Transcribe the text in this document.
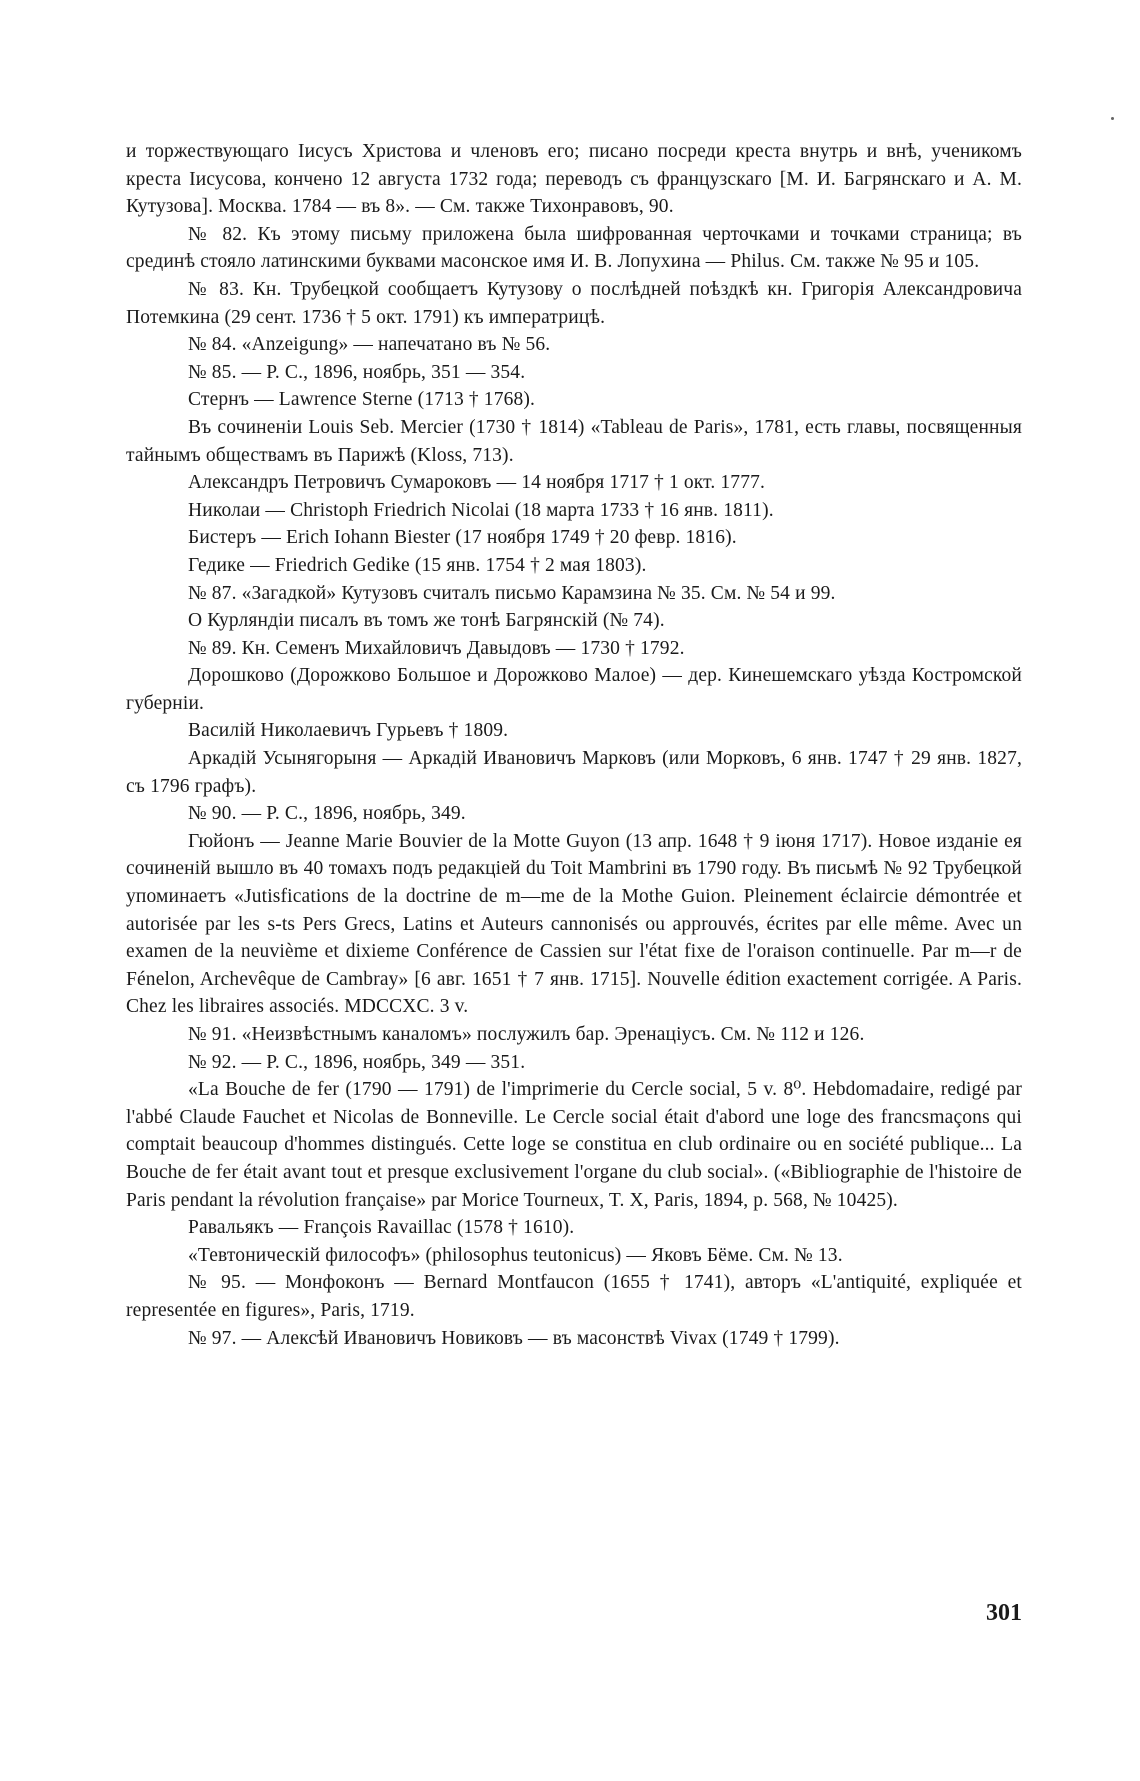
и торжествующаго Iисусъ Христова и членовъ его; писано посреди креста внутрь и внѣ, ученикомъ креста Iисусова, кончено 12 августа 1732 года; переводъ съ французскаго [М. И. Багрянскаго и А. М. Кутузова]. Москва. 1784 — въ 8». — См. также Тихонравовъ, 90.

№ 82. Къ этому письму приложена была шифрованная черточками и точками страница; въ срединѣ стояло латинскими буквами масонское имя И. В. Лопухина — Philus. См. также № 95 и 105.

№ 83. Кн. Трубецкой сообщаетъ Кутузову о послѣдней поѣздкѣ кн. Григорія Александровича Потемкина (29 сент. 1736 † 5 окт. 1791) къ императрицѣ.

№ 84. «Anzeigung» — напечатано въ № 56.

№ 85. — Р. С., 1896, ноябрь, 351 — 354.

Стернъ — Lawrence Sterne (1713 † 1768).

Въ сочиненіи Louis Seb. Mercier (1730 † 1814) «Tableau de Paris», 1781, есть главы, посвященныя тайнымъ обществамъ въ Парижѣ (Kloss, 713).

Александръ Петровичъ Сумароковъ — 14 ноября 1717 † 1 окт. 1777.

Николаи — Christoph Friedrich Nicolai (18 марта 1733 † 16 янв. 1811).

Бистеръ — Erich Iohann Biester (17 ноября 1749 † 20 февр. 1816).

Гедике — Friedrich Gedike (15 янв. 1754 † 2 мая 1803).

№ 87. «Загадкой» Кутузовъ считалъ письмо Карамзина № 35. См. № 54 и 99.

О Курляндіи писалъ въ томъ же тонѣ Багрянскій (№ 74).

№ 89. Кн. Семенъ Михайловичъ Давыдовъ — 1730 † 1792.

Дорошково (Дорожково Большое и Дорожково Малое) — дер. Кинешемскаго уѣзда Костромской губерніи.

Василій Николаевичъ Гурьевъ † 1809.

Аркадій Усынягорыня — Аркадій Ивановичъ Марковъ (или Морковъ, 6 янв. 1747 † 29 янв. 1827, съ 1796 графъ).

№ 90. — Р. С., 1896, ноябрь, 349.

Гюйонъ — Jeanne Marie Bouvier de la Motte Guyon (13 апр. 1648 † 9 іюня 1717). Новое изданіе ея сочиненій вышло въ 40 томахъ подъ редакціей du Toit Mambrini въ 1790 году. Въ письмѣ № 92 Трубецкой упоминаетъ «Jutisfications de la doctrine de m—me de la Mothe Guion. Pleinement éclaircie démontrée et autorisée par les s-ts Pers Grecs, Latins et Auteurs cannonisés ou approuvés, écrites par elle même. Avec un examen de la neuvième et dixieme Conférence de Cassien sur l'état fixe de l'oraison continuelle. Par m—r de Fénelon, Archevêque de Cambray» [6 авг. 1651 † 7 янв. 1715]. Nouvelle édition exactement corrigée. A Paris. Chez les libraires associés. MDCCXC. 3 v.

№ 91. «Неизвѣстнымъ каналомъ» послужилъ бар. Эренаціусъ. См. № 112 и 126.

№ 92. — Р. С., 1896, ноябрь, 349 — 351.

«La Bouche de fer (1790 — 1791) de l'imprimerie du Cercle social, 5 v. 8⁰. Hebdomadaire, redigé par l'abbé Claude Fauchet et Nicolas de Bonneville. Le Cercle social était d'abord une loge des francsmaçons qui comptait beaucoup d'hommes distingués. Cette loge se constitua en club ordinaire ou en société publique... La Bouche de fer était avant tout et presque exclusivement l'organe du club social». («Bibliographie de l'histoire de Paris pendant la révolution française» par Morice Tourneux, T. X, Paris, 1894, p. 568, № 10425).

Равальякъ — François Ravaillac (1578 † 1610).

«Тевтоническій философъ» (philosophus teutonicus) — Яковъ Бёме. См. № 13.

№ 95. — Монфоконъ — Bernard Montfaucon (1655 † 1741), авторъ «L'antiquité, expliquée et representée en figures», Paris, 1719.

№ 97. — Алексѣй Ивановичъ Новиковъ — въ масонствѣ Vivax (1749 † 1799).

301
